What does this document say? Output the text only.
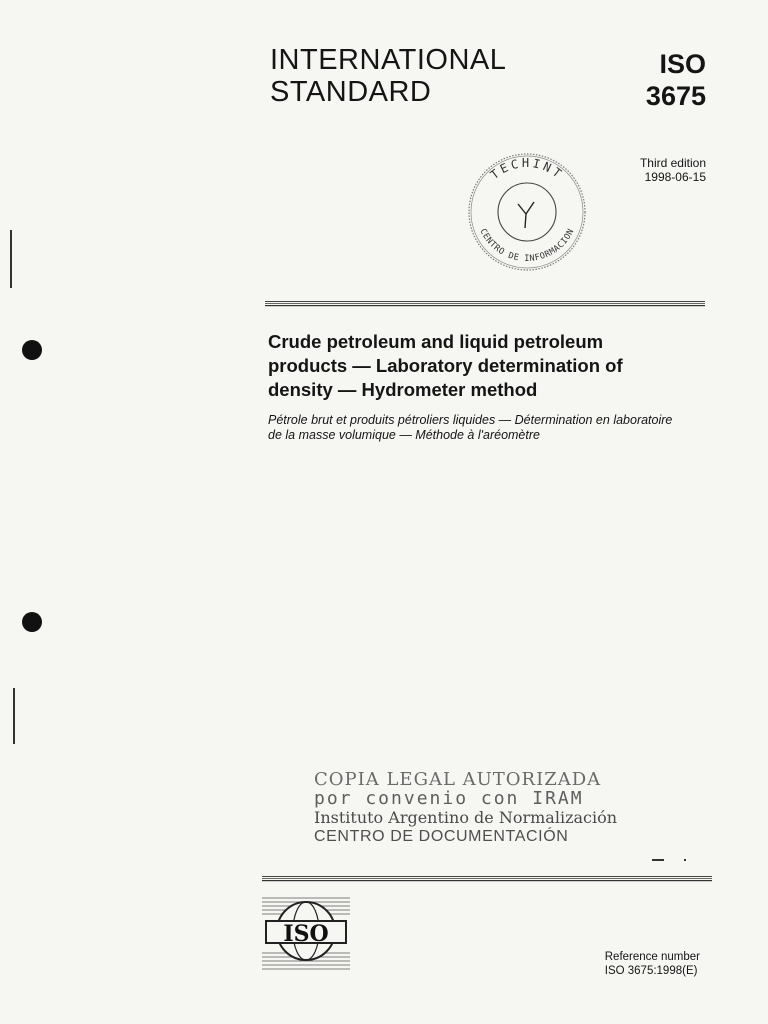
INTERNATIONAL
STANDARD
ISO
3675
Third edition
1998-06-15
TECHINT
CENTRO DE INFORMACION
Crude petroleum and liquid petroleum
products — Laboratory determination of
density — Hydrometer method
Pétrole brut et produits pétroliers liquides — Détermination en laboratoire
de la masse volumique — Méthode à l'aréomètre
COPIA LEGAL AUTORIZADA
por convenio con IRAM
Instituto Argentino de Normalización
CENTRO DE DOCUMENTACIÓN
ISO
Reference number
ISO 3675:1998(E)
